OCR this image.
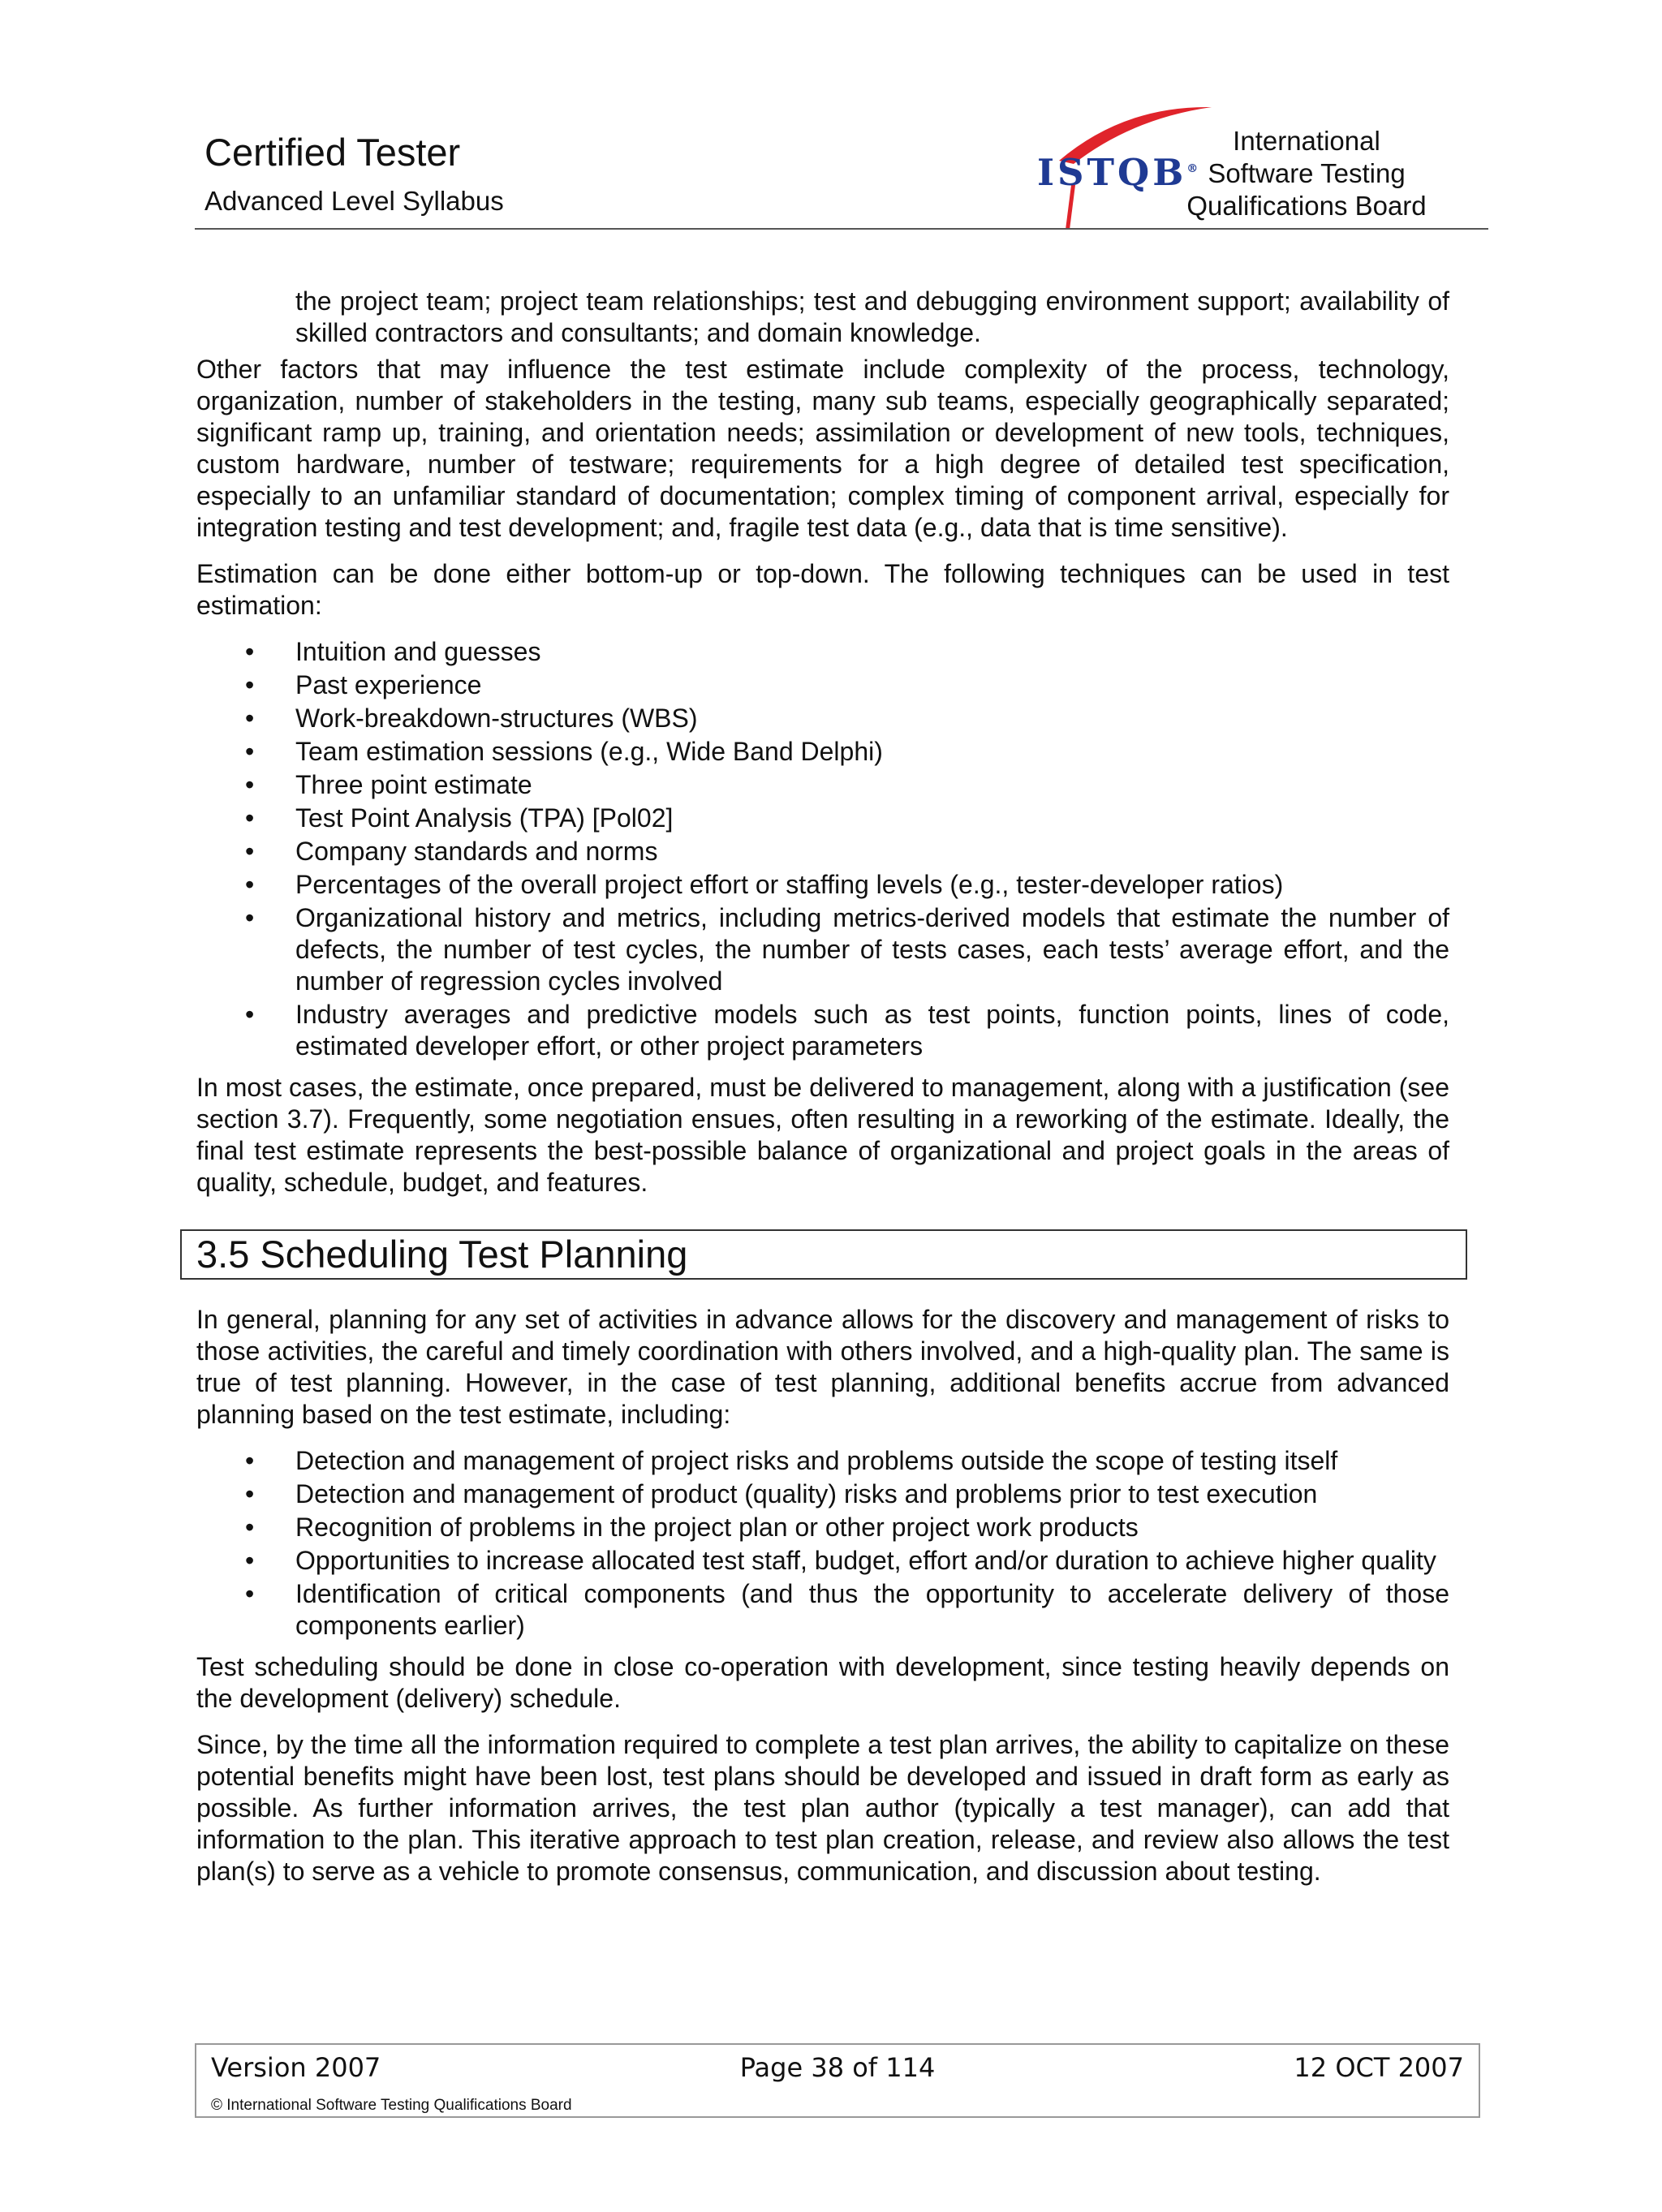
Certified Tester
Advanced Level Syllabus
ISTQB®
International
Software Testing
Qualifications Board

the project team; project team relationships; test and debugging environment support; availability of skilled contractors and consultants; and domain knowledge.

Other factors that may influence the test estimate include complexity of the process, technology, organization, number of stakeholders in the testing, many sub teams, especially geographically separated; significant ramp up, training, and orientation needs; assimilation or development of new tools, techniques, custom hardware, number of testware; requirements for a high degree of detailed test specification, especially to an unfamiliar standard of documentation; complex timing of component arrival, especially for integration testing and test development; and, fragile test data (e.g., data that is time sensitive).

Estimation can be done either bottom-up or top-down. The following techniques can be used in test estimation:

• Intuition and guesses
• Past experience
• Work-breakdown-structures (WBS)
• Team estimation sessions (e.g., Wide Band Delphi)
• Three point estimate
• Test Point Analysis (TPA) [Pol02]
• Company standards and norms
• Percentages of the overall project effort or staffing levels (e.g., tester-developer ratios)
• Organizational history and metrics, including metrics-derived models that estimate the number of defects, the number of test cycles, the number of tests cases, each tests’ average effort, and the number of regression cycles involved
• Industry averages and predictive models such as test points, function points, lines of code, estimated developer effort, or other project parameters

In most cases, the estimate, once prepared, must be delivered to management, along with a justification (see section 3.7). Frequently, some negotiation ensues, often resulting in a reworking of the estimate. Ideally, the final test estimate represents the best-possible balance of organizational and project goals in the areas of quality, schedule, budget, and features.

3.5 Scheduling Test Planning

In general, planning for any set of activities in advance allows for the discovery and management of risks to those activities, the careful and timely coordination with others involved, and a high-quality plan. The same is true of test planning. However, in the case of test planning, additional benefits accrue from advanced planning based on the test estimate, including:

• Detection and management of project risks and problems outside the scope of testing itself
• Detection and management of product (quality) risks and problems prior to test execution
• Recognition of problems in the project plan or other project work products
• Opportunities to increase allocated test staff, budget, effort and/or duration to achieve higher quality
• Identification of critical components (and thus the opportunity to accelerate delivery of those components earlier)

Test scheduling should be done in close co-operation with development, since testing heavily depends on the development (delivery) schedule.

Since, by the time all the information required to complete a test plan arrives, the ability to capitalize on these potential benefits might have been lost, test plans should be developed and issued in draft form as early as possible. As further information arrives, the test plan author (typically a test manager), can add that information to the plan. This iterative approach to test plan creation, release, and review also allows the test plan(s) to serve as a vehicle to promote consensus, communication, and discussion about testing.

Page 38 of 114
Version 2007	12 OCT 2007
© International Software Testing Qualifications Board
